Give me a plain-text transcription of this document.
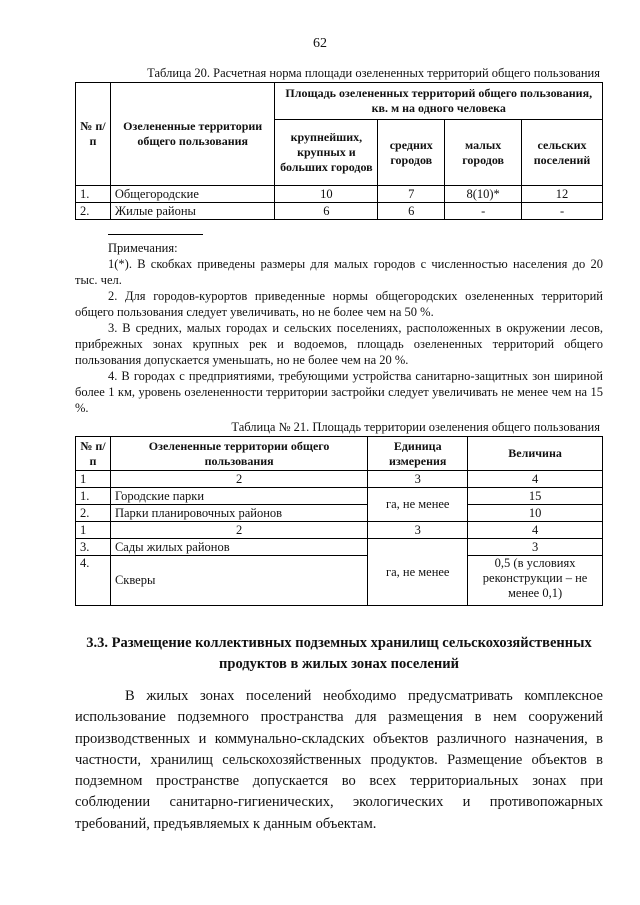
62
Таблица 20. Расчетная норма площади озелененных территорий общего пользования
№ п/п	Озелененные территории общего пользования	Площадь озелененных территорий общего пользования, кв. м на одного человека			
		крупнейших, крупных и больших городов	средних городов	малых городов	сельских поселений
1.	Общегородские	10	7	8(10)*	12
2.	Жилые районы	6	6	-	-

Примечания:

1(*). В скобках приведены размеры для малых городов с численностью населения до 20 тыс. чел.

2. Для городов-курортов приведенные нормы общегородских озелененных территорий общего пользования следует увеличивать, но не более чем на 50 %.

3. В средних, малых городах и сельских поселениях, расположенных в окружении лесов, прибрежных зонах крупных рек и водоемов, площадь озелененных территорий общего пользования допускается уменьшать, но не более чем на 20 %.

4. В городах с предприятиями, требующими устройства санитарно-защитных зон шириной более 1 км, уровень озелененности территории застройки следует увеличивать не менее чем на 15 %.

Таблица № 21. Площадь территории озеленения общего пользования
№ п/п	Озелененные территории общего пользования	Единица измерения	Величина
1	2	3	4
1.	Городские парки	га, не менее	15
2.	Парки планировочных районов		10
1	2	3	4
3.	Сады жилых районов	га, не менее	3
4.	Скверы		0,5 (в условиях реконструкции – не менее 0,1)
3.3. Размещение коллективных подземных хранилищ сельскохозяйственных продуктов в жилых зонах поселений

В жилых зонах поселений необходимо предусматривать комплексное использование подземного пространства для размещения в нем сооружений производственных и коммунально-складских объектов различного назначения, в частности, хранилищ сельскохозяйственных продуктов. Размещение объектов в подземном пространстве допускается во всех территориальных зонах при соблюдении санитарно-гигиенических, экологических и противопожарных требований, предъявляемых к данным объектам.
